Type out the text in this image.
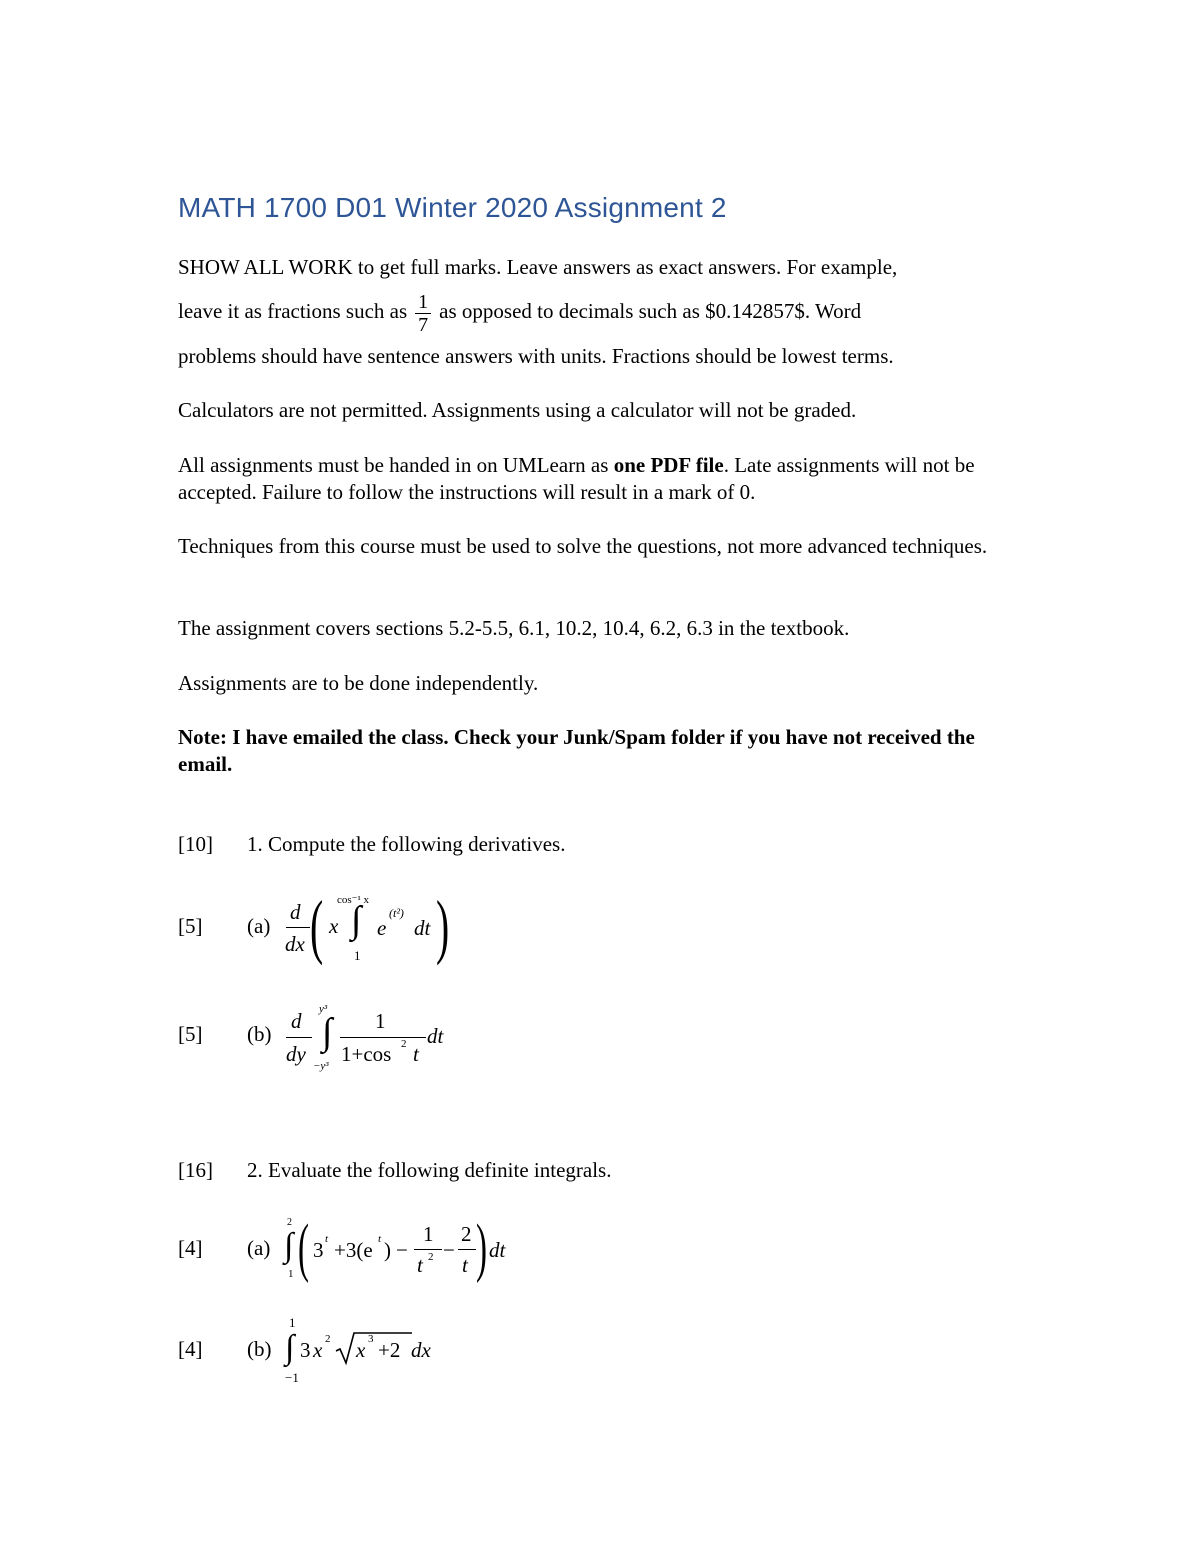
MATH 1700 D01 Winter 2020 Assignment 2
SHOW ALL WORK to get full marks. Leave answers as exact answers. For example,
leave it as fractions such as $\frac{1}{7}$ as opposed to decimals such as $0.142857$. Word
problems should have sentence answers with units. Fractions should be lowest terms.
Calculators are not permitted. Assignments using a calculator will not be graded.
All assignments must be handed in on UMLearn as one PDF file. Late assignments will not be accepted. Failure to follow the instructions will result in a mark of 0.
Techniques from this course must be used to solve the questions, not more advanced techniques.
The assignment covers sections 5.2-5.5, 6.1, 10.2, 10.4, 6.2, 6.3 in the textbook.
Assignments are to be done independently.
Note: I have emailed the class. Check your Junk/Spam folder if you have not received the email.
[10] 1. Compute the following derivatives.
[5] (a)
d
dx ( x
cos⁻¹ x
∫
1
e
(t²)
dt )
[5] (b)
d
dy
y³
∫
−y³
1
1+cos 2 t
dt
[16] 2. Evaluate the following definite integrals.
[4] (a)
2
∫
1 ( 3 t +3(e t ) −
1
t 2 −
2
t ) dt
[4] (b)
1
∫
−1
3 x 2 x 3 +2 dx
